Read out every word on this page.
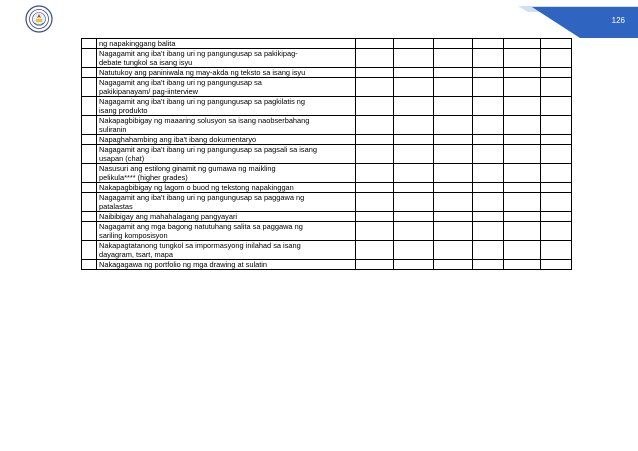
126
	ng napakinggang balita						
	Nagagamit ang iba't ibang uri ng pangungusap sa pakikipag-
debate tungkol sa isang isyu						
	Natutukoy ang paniniwala ng may-akda ng teksto sa isang isyu						
	Nagagamit ang iba't ibang uri ng pangungusap sa
pakikipanayam/ pag-iinterview						
	Nagagamit ang iba't ibang uri ng pangungusap sa pagkilatis ng
isang produkto						
	Nakapagbibigay ng maaaring solusyon sa isang naobserbahang
suliranin						
	Napaghahambing ang iba't ibang dokumentaryo						
	Nagagamit ang iba't ibang uri ng pangungusap sa pagsali sa isang
usapan (chat)						
	Nasusuri ang estilong ginamit ng gumawa ng maikling
pelikula**** (higher grades)						
	Nakapagbibigay ng lagom o buod ng tekstong napakinggan						
	Nagagamit ang iba't ibang uri ng pangungusap sa paggawa ng
patalastas						
	Naibibigay ang mahahalagang pangyayari						
	Nagagamit ang mga bagong natutuhang salita sa paggawa ng
sariling komposisyon						
	Nakapagtatanong tungkol sa impormasyong inilahad sa isang
dayagram, tsart, mapa						
	Nakagagawa ng portfolio ng mga drawing at sulatin						
